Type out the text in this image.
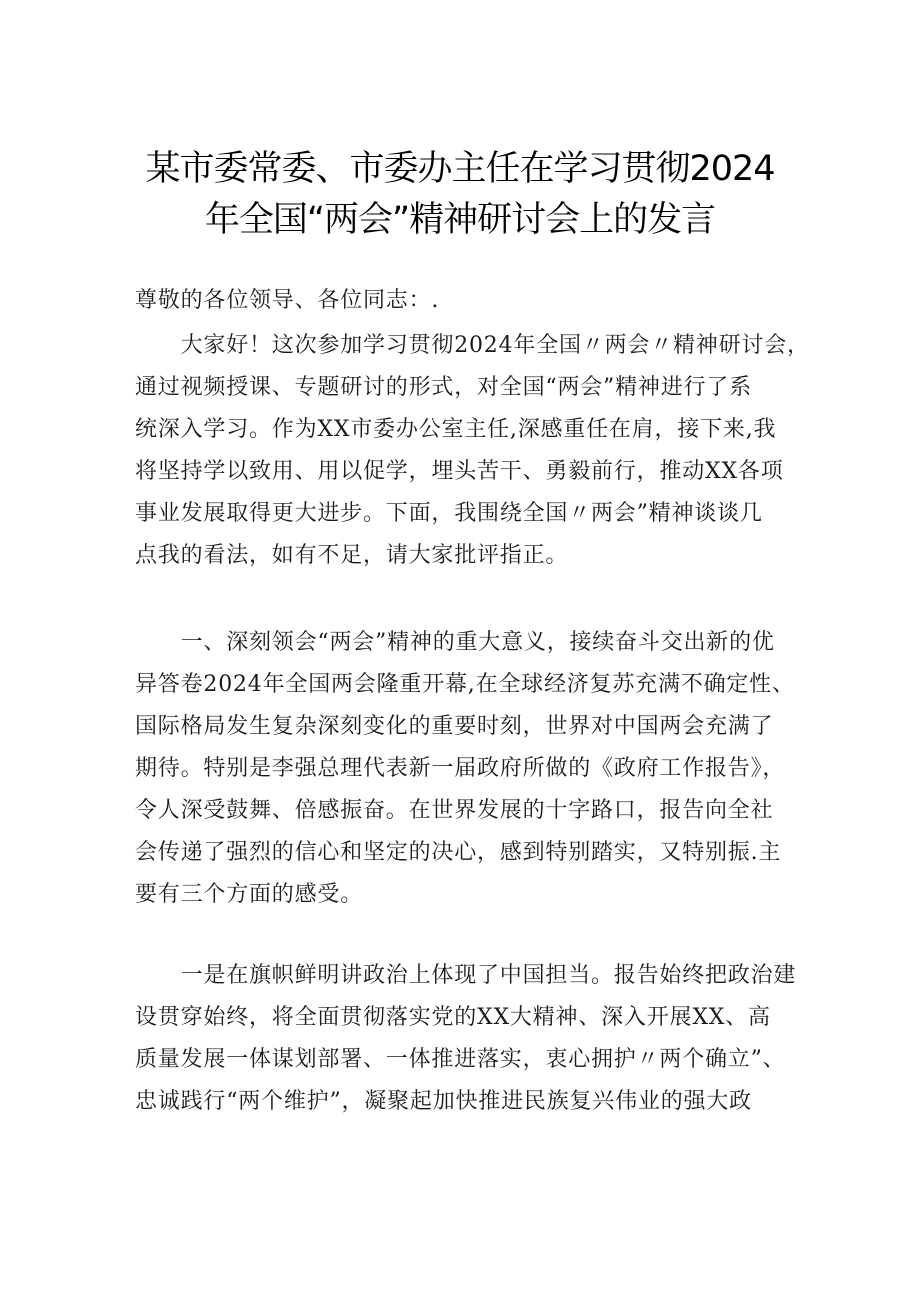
某市委常委、市委办主任在学习贯彻2024
年全国“两会”精神研讨会上的发言

尊敬的各位领导、各位同志：.

　　大家好！这次参加学习贯彻2024年全国〃两会〃精神研讨会，
通过视频授课、专题研讨的形式，对全国“两会”精神进行了系
统深入学习。作为XX市委办公室主任,深感重任在肩，接下来,我
将坚持学以致用、用以促学，埋头苦干、勇毅前行，推动XX各项
事业发展取得更大进步。下面，我围绕全国〃两会”精神谈谈几
点我的看法，如有不足，请大家批评指正。

　　一、深刻领会“两会”精神的重大意义，接续奋斗交出新的优
异答卷2024年全国两会隆重开幕,在全球经济复苏充满不确定性、
国际格局发生复杂深刻变化的重要时刻，世界对中国两会充满了
期待。特别是李强总理代表新一届政府所做的《政府工作报告》，
令人深受鼓舞、倍感振奋。在世界发展的十字路口，报告向全社
会传递了强烈的信心和坚定的决心，感到特别踏实，又特别振.主
要有三个方面的感受。

　　一是在旗帜鲜明讲政治上体现了中国担当。报告始终把政治建
设贯穿始终，将全面贯彻落实党的XX大精神、深入开展XX、高
质量发展一体谋划部署、一体推进落实，衷心拥护〃两个确立”、
忠诚践行“两个维护”，凝聚起加快推进民族复兴伟业的强大政
